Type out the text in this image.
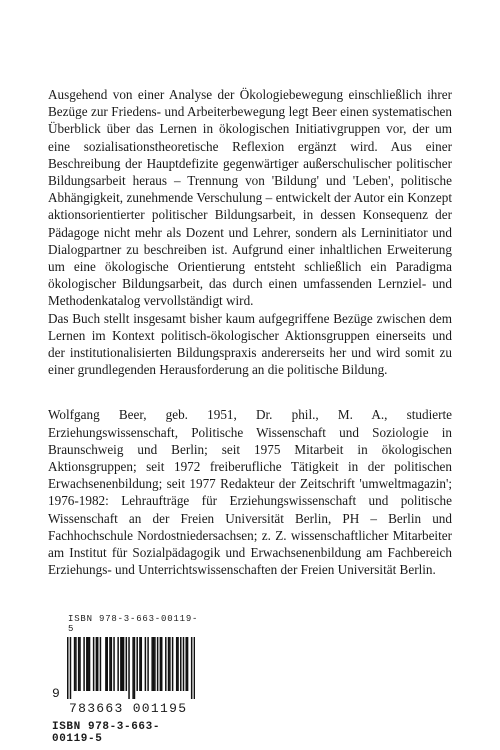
Ausgehend von einer Analyse der Ökologiebewegung einschließlich ihrer Bezüge zur Friedens- und Arbeiterbewegung legt Beer einen systematischen Überblick über das Lernen in ökologischen Initiativgruppen vor, der um eine sozialisationstheoretische Reflexion ergänzt wird. Aus einer Beschreibung der Hauptdefizite gegenwärtiger außerschulischer politischer Bildungsarbeit heraus – Trennung von 'Bildung' und 'Leben', politische Abhängigkeit, zunehmende Verschulung – entwickelt der Autor ein Konzept aktionsorientierter politischer Bildungsarbeit, in dessen Konsequenz der Pädagoge nicht mehr als Dozent und Lehrer, sondern als Lerninitiator und Dialogpartner zu beschreiben ist. Aufgrund einer inhaltlichen Erweiterung um eine ökologische Orientierung entsteht schließlich ein Paradigma ökologischer Bildungsarbeit, das durch einen umfassenden Lernziel- und Methodenkatalog vervollständigt wird.

Das Buch stellt insgesamt bisher kaum aufgegriffene Bezüge zwischen dem Lernen im Kontext politisch-ökologischer Aktionsgruppen einerseits und der institutionalisierten Bildungspraxis andererseits her und wird somit zu einer grundlegenden Herausforderung an die politische Bildung.

Wolfgang Beer, geb. 1951, Dr. phil., M. A., studierte Erziehungswissenschaft, Politische Wissenschaft und Soziologie in Braunschweig und Berlin; seit 1975 Mitarbeit in ökologischen Aktionsgruppen; seit 1972 freiberufliche Tätigkeit in der politischen Erwachsenenbildung; seit 1977 Redakteur der Zeitschrift 'umweltmagazin'; 1976-1982: Lehraufträge für Erziehungswissenschaft und politische Wissenschaft an der Freien Universität Berlin, PH – Berlin und Fachhochschule Nordostniedersachsen; z. Z. wissenschaftlicher Mitarbeiter am Institut für Sozialpädagogik und Erwachsenenbildung am Fachbereich Erziehungs- und Unterrichtswissenschaften der Freien Universität Berlin.

ISBN 978-3-663-00119-5
9
783663 001195
ISBN 978-3-663-00119-5
